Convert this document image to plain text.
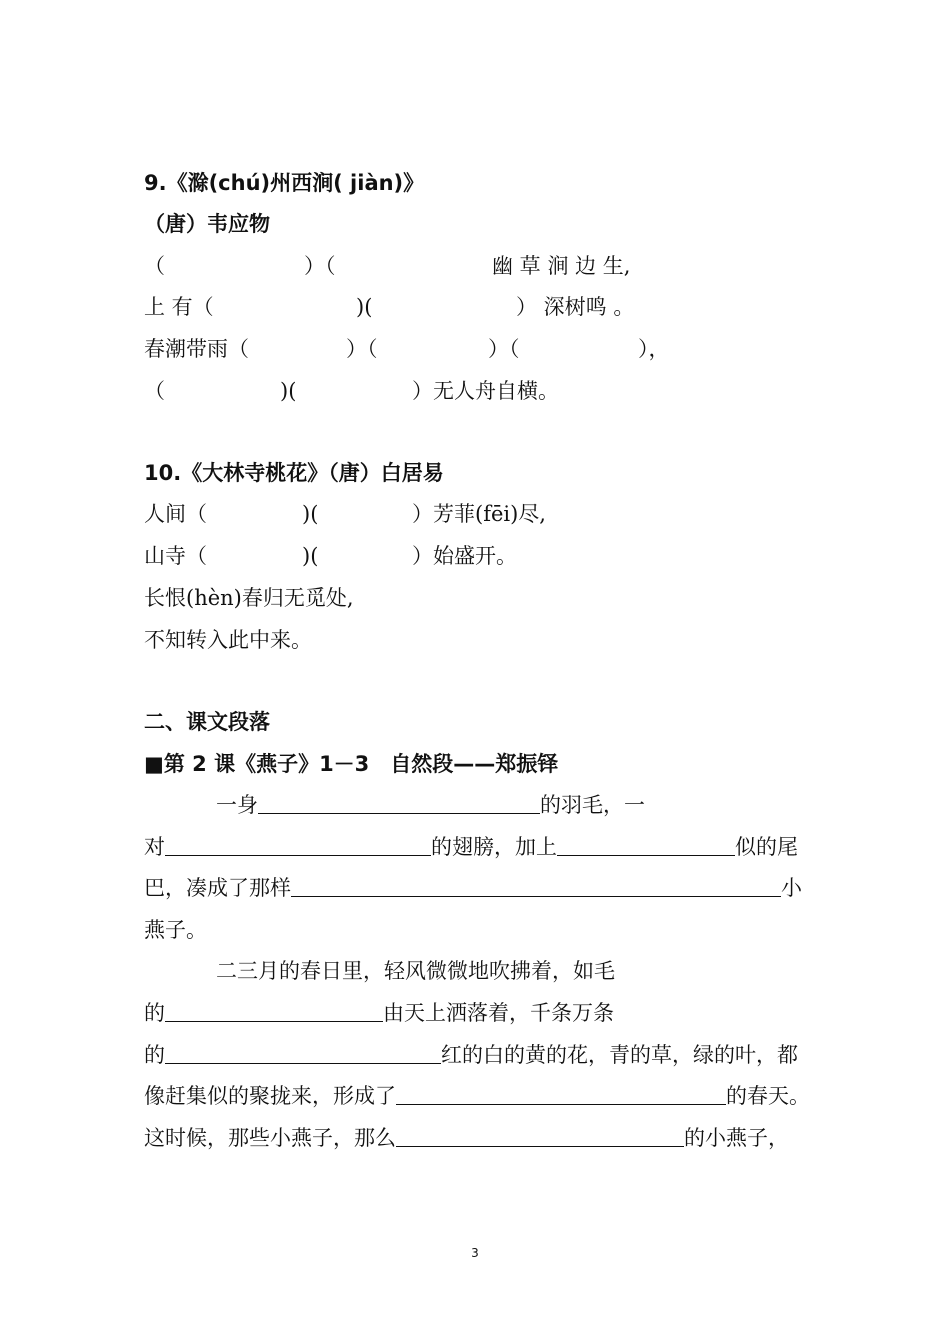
9.《滁(chú)州西涧( jiàn)》
（唐）韦应物
（	）（	幽 草 涧 边 生,
上 有（	)(	） 深树鸣 。
春潮带雨（	）（	）（	），
（	)(	）无人舟自横。
10.《大林寺桃花》（唐）白居易
人间（	)(	）芳菲(fēi)尽,
山寺（	)(	）始盛开。
长恨(hèn)春归无觅处,
不知转入此中来。
二、课文段落
■第 2 课《燕子》1－3　自然段——郑振铎
一身	的羽毛，一
对	的翅膀，加上	似的尾
巴，凑成了那样	小
燕子。
二三月的春日里，轻风微微地吹拂着，如毛
的	由天上洒落着，千条万条
的	红的白的黄的花，青的草，绿的叶，都
像赶集似的聚拢来，形成了	的春天。
这时候，那些小燕子，那么	的小燕子，
3
